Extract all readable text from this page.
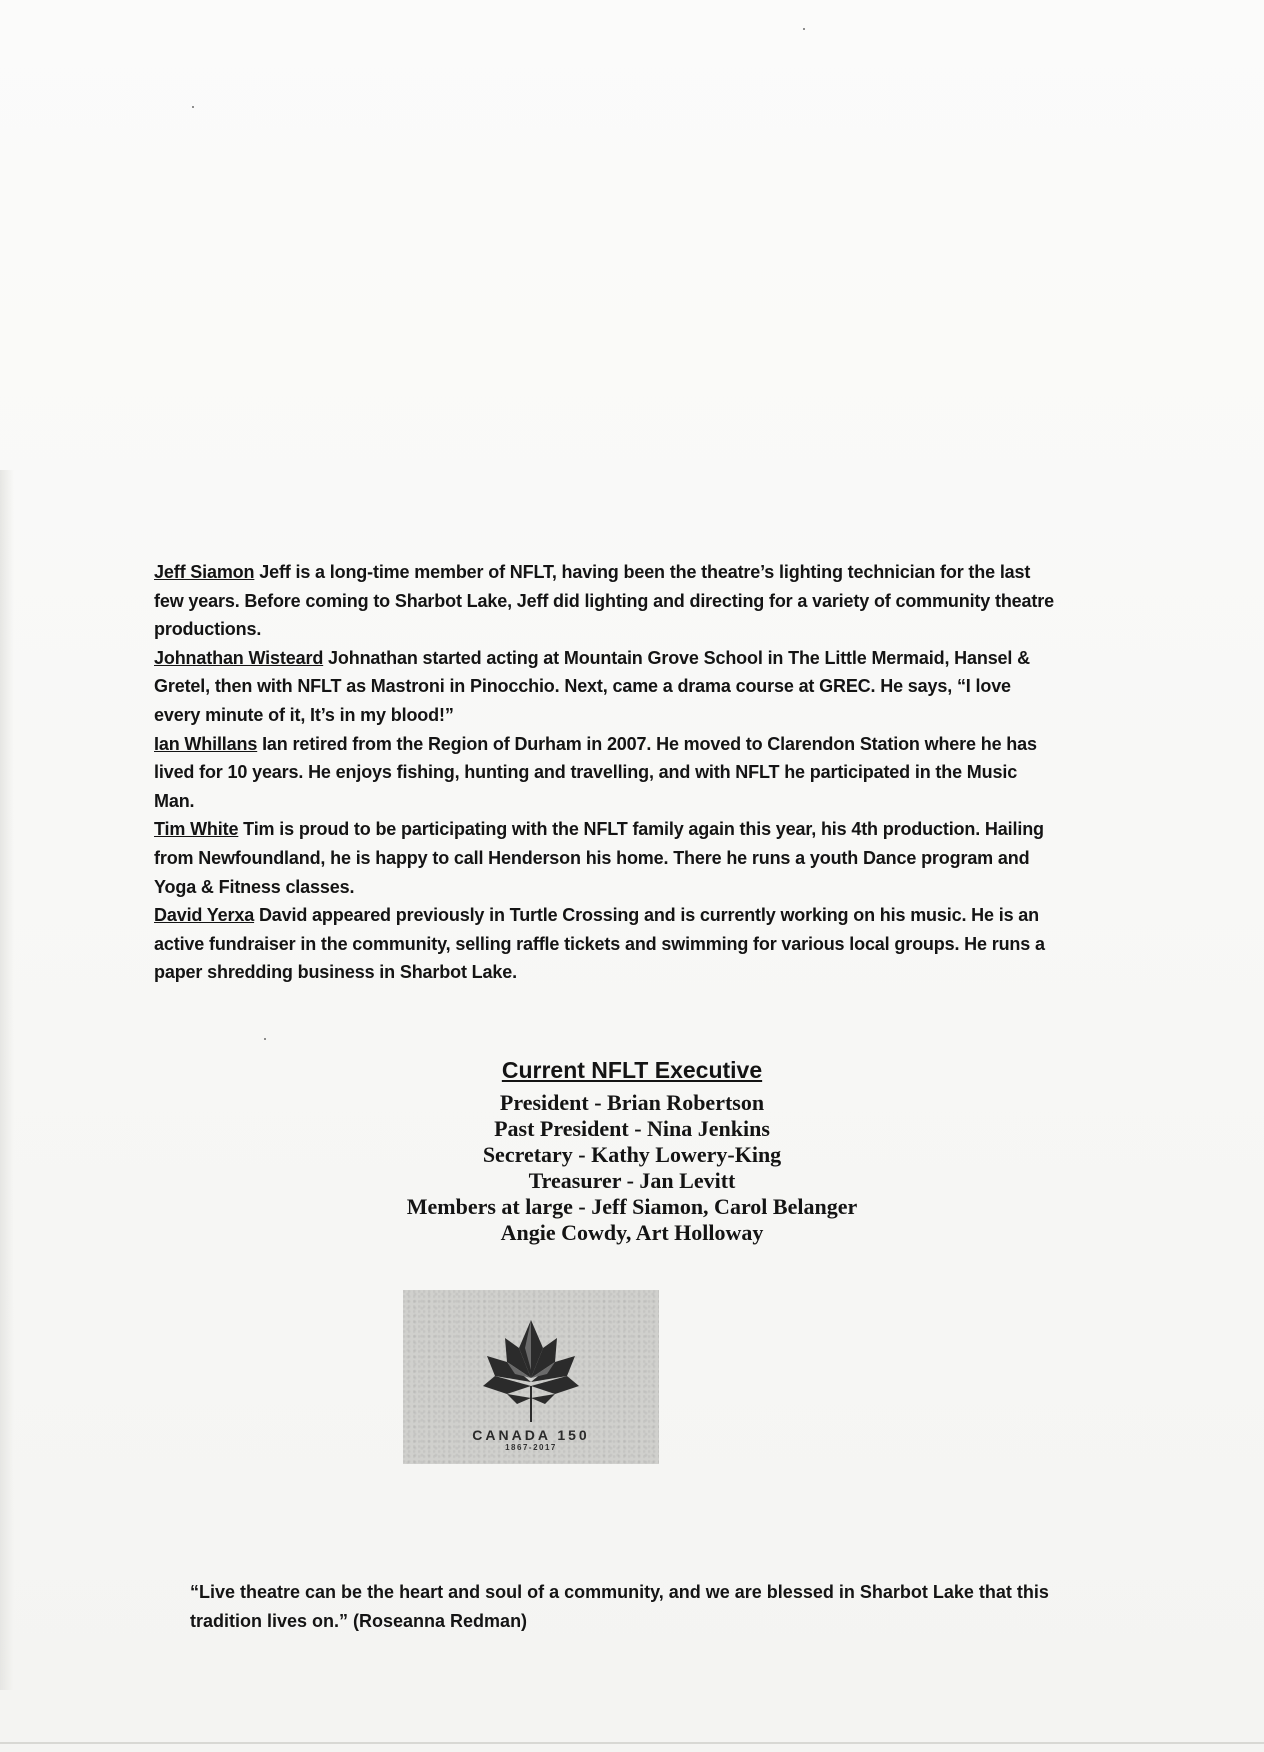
Jeff Siamon Jeff is a long-time member of NFLT, having been the theatre’s lighting technician for the last few years. Before coming to Sharbot Lake, Jeff did lighting and directing for a variety of community theatre productions.

Johnathan Wisteard Johnathan started acting at Mountain Grove School in The Little Mermaid, Hansel & Gretel, then with NFLT as Mastroni in Pinocchio. Next, came a drama course at GREC. He says, “I love every minute of it, It’s in my blood!”

Ian Whillans Ian retired from the Region of Durham in 2007. He moved to Clarendon Station where he has lived for 10 years. He enjoys fishing, hunting and travelling, and with NFLT he participated in the Music Man.

Tim White Tim is proud to be participating with the NFLT family again this year, his 4th production. Hailing from Newfoundland, he is happy to call Henderson his home. There he runs a youth Dance program and Yoga & Fitness classes.

David Yerxa David appeared previously in Turtle Crossing and is currently working on his music. He is an active fundraiser in the community, selling raffle tickets and swimming for various local groups. He runs a paper shredding business in Sharbot Lake.

Current NFLT Executive

President - Brian Robertson

Past President - Nina Jenkins

Secretary - Kathy Lowery-King

Treasurer - Jan Levitt

Members at large - Jeff Siamon, Carol Belanger

Angie Cowdy, Art Holloway

CANADA 150
1867-2017

“Live theatre can be the heart and soul of a community, and we are blessed in Sharbot Lake that this tradition lives on.” (Roseanna Redman)
